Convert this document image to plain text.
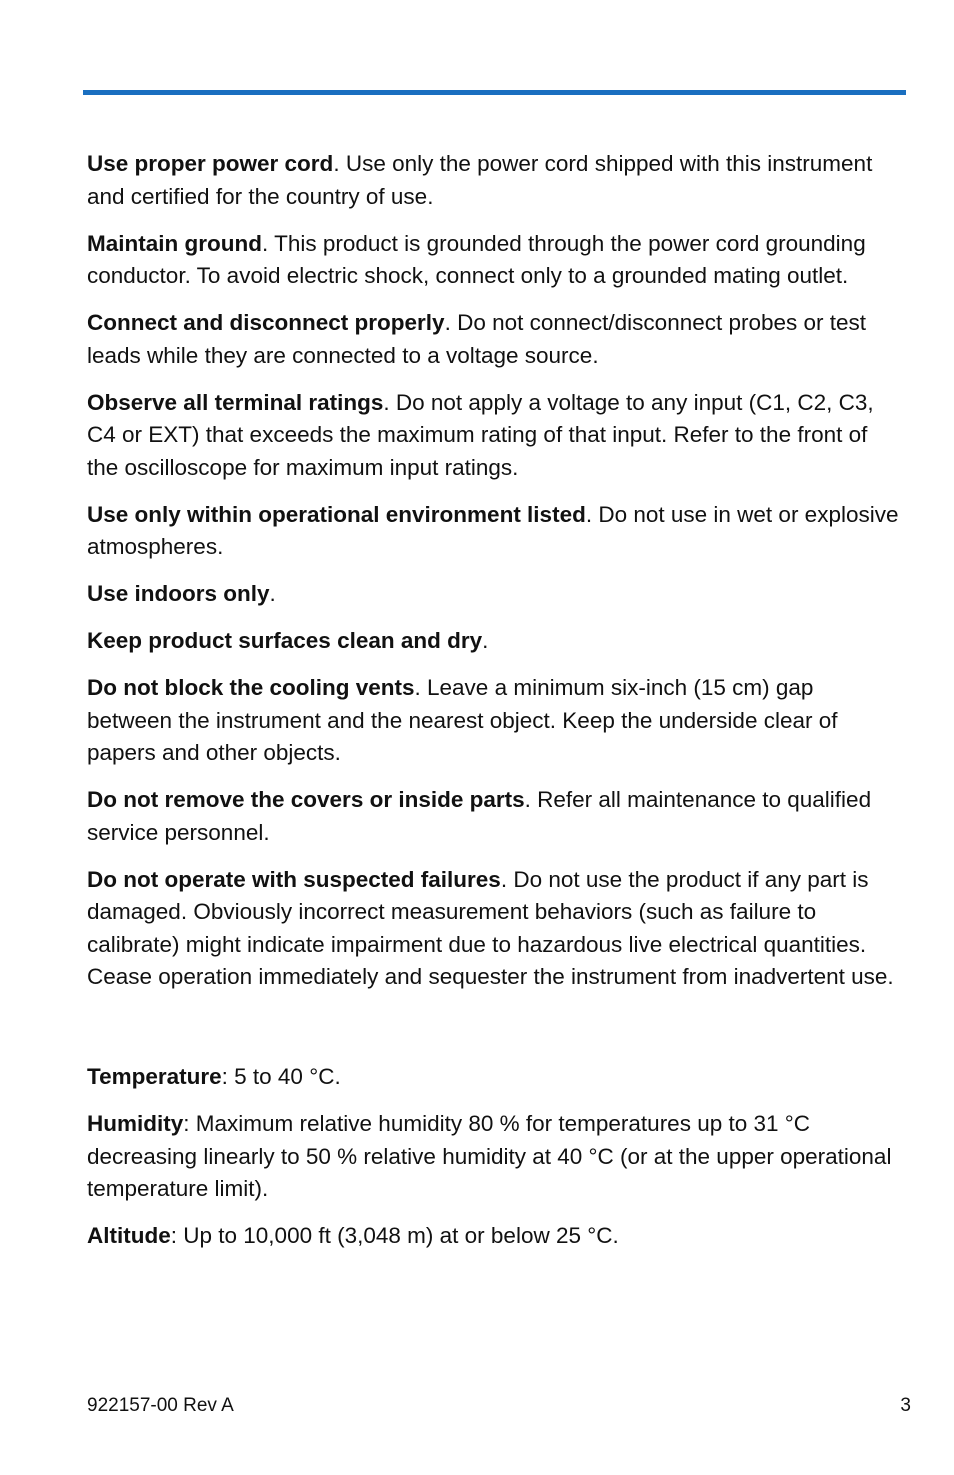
Use proper power cord. Use only the power cord shipped with this instrument and certified for the country of use.

Maintain ground. This product is grounded through the power cord grounding conductor. To avoid electric shock, connect only to a grounded mating outlet.

Connect and disconnect properly. Do not connect/disconnect probes or test leads while they are connected to a voltage source.

Observe all terminal ratings. Do not apply a voltage to any input (C1, C2, C3, C4 or EXT) that exceeds the maximum rating of that input. Refer to the front of the oscilloscope for maximum input ratings.

Use only within operational environment listed. Do not use in wet or explosive atmospheres.

Use indoors only.

Keep product surfaces clean and dry.

Do not block the cooling vents. Leave a minimum six-inch (15 cm) gap between the instrument and the nearest object. Keep the underside clear of papers and other objects.

Do not remove the covers or inside parts. Refer all maintenance to qualified service personnel.

Do not operate with suspected failures. Do not use the product if any part is damaged. Obviously incorrect measurement behaviors (such as failure to calibrate) might indicate impairment due to hazardous live electrical quantities. Cease operation immediately and sequester the instrument from inadvertent use.

Temperature: 5 to 40 °C.

Humidity: Maximum relative humidity 80 % for temperatures up to 31 °C decreasing linearly to 50 % relative humidity at 40 °C (or at the upper operational temperature limit).

Altitude: Up to 10,000 ft (3,048 m) at or below 25 °C.

922157-00 Rev A	3
